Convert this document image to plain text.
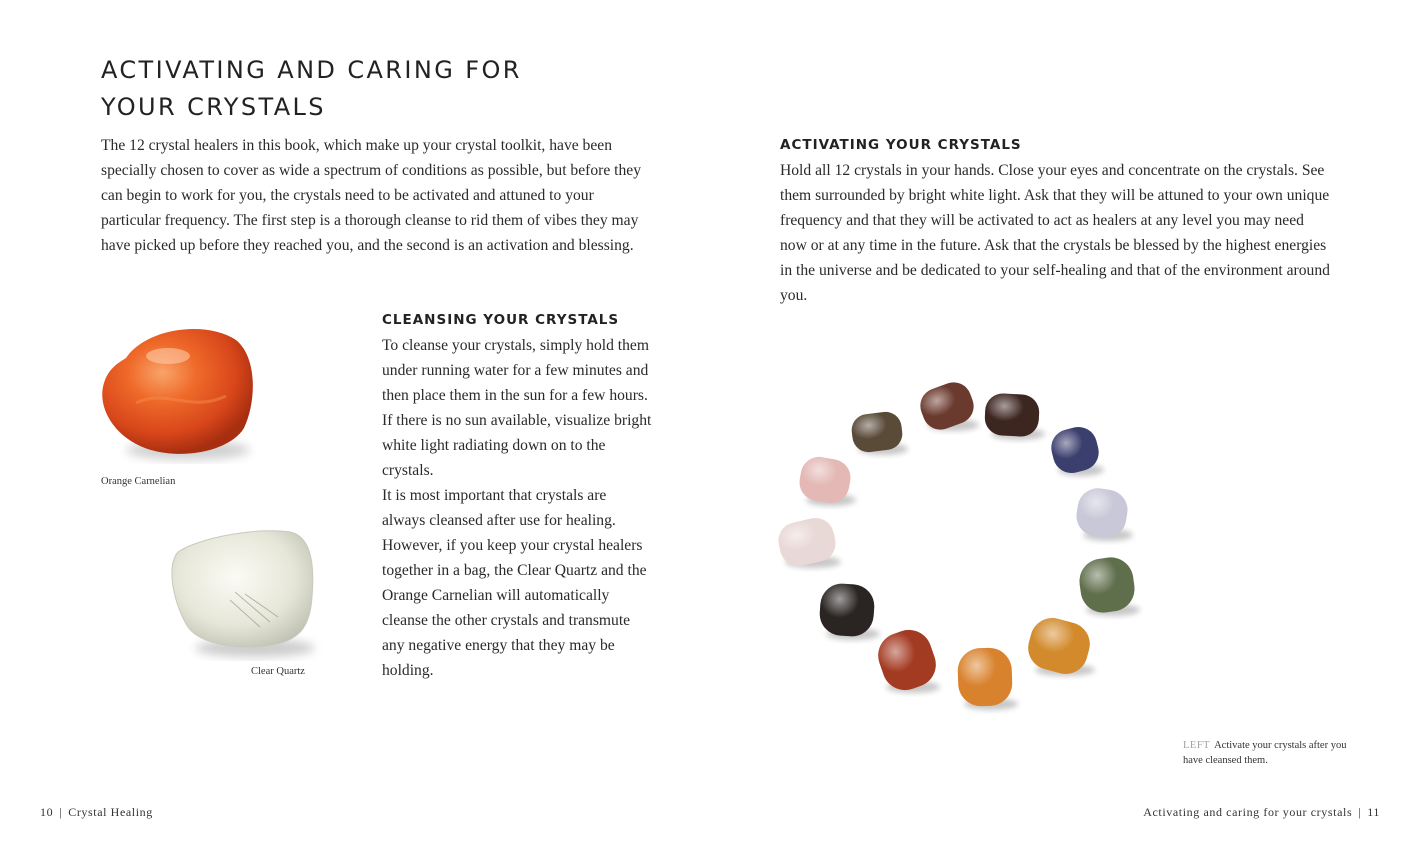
ACTIVATING AND CARING FOR
YOUR CRYSTALS

The 12 crystal healers in this book, which make up your crystal toolkit, have been specially chosen to cover as wide a spectrum of conditions as possible, but before they can begin to work for you, the crystals need to be activated and attuned to your particular frequency. The first step is a thorough cleanse to rid them of vibes they may have picked up before they reached you, and the second is an activation and blessing.

Orange Carnelian
Clear Quartz
CLEANSING YOUR CRYSTALS

To cleanse your crystals, simply hold them under running water for a few minutes and then place them in the sun for a few hours. If there is no sun available, visualize bright white light radiating down on to the crystals.

It is most important that crystals are always cleansed after use for healing. However, if you keep your crystal healers together in a bag, the Clear Quartz and the Orange Carnelian will automatically cleanse the other crystals and transmute any negative energy that they may be holding.

10 | Crystal Healing
ACTIVATING YOUR CRYSTALS

Hold all 12 crystals in your hands. Close your eyes and concentrate on the crystals. See them surrounded by bright white light. Ask that they will be attuned to your own unique frequency and that they will be activated to act as healers at any level you may need now or at any time in the future. Ask that the crystals be blessed by the highest energies in the universe and be dedicated to your self-healing and that of the environment around you.

LEFT Activate your crystals after you have cleansed them.
Activating and caring for your crystals | 11
